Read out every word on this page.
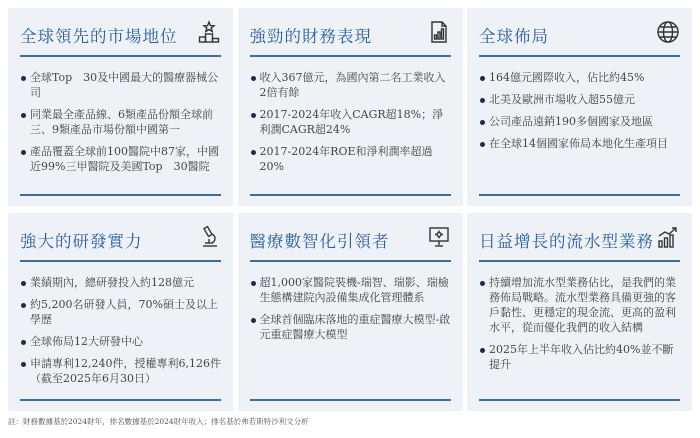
全球領先的市場地位
全球Top　30及中國最大的醫療器械公司
同業最全產品線、6類產品份額全球前三、9類產品市場份額中國第一
產品覆蓋全球前100醫院中87家，中國近99%三甲醫院及美國Top　30醫院
強勁的財務表現
收入367億元，為國內第二名工業收入2倍有餘
2017-2024年收入CAGR超18%；淨利潤CAGR超24%
2017-2024年ROE和淨利潤率超過20%
全球佈局
164億元國際收入，佔比約45%
北美及歐洲市場收入超55億元
公司產品遠銷190多個國家及地區
在全球14個國家佈局本地化生產項目
強大的研發實力
業績期內，總研發投入約128億元
約5,200名研發人員，70%碩士及以上學歷
全球佈局12大研發中心
申請專利12,240件，授權專利6,126件（截至2025年6月30日）
醫療數智化引領者
超1,000家醫院裝機-瑞智、瑞影、瑞檢生態構建院內設備集成化管理體系
全球首個臨床落地的重症醫療大模型-啟元重症醫療大模型
日益增長的流水型業務
持續增加流水型業務佔比，是我們的業務佈局戰略。流水型業務具備更強的客戶黏性、更穩定的現金流、更高的盈利水平，從而優化我們的收入結構
2025年上半年收入佔比約40%並不斷提升
註：財務數據基於2024財年，排名數據基於2024財年收入；排名基於弗若斯特沙利文分析
